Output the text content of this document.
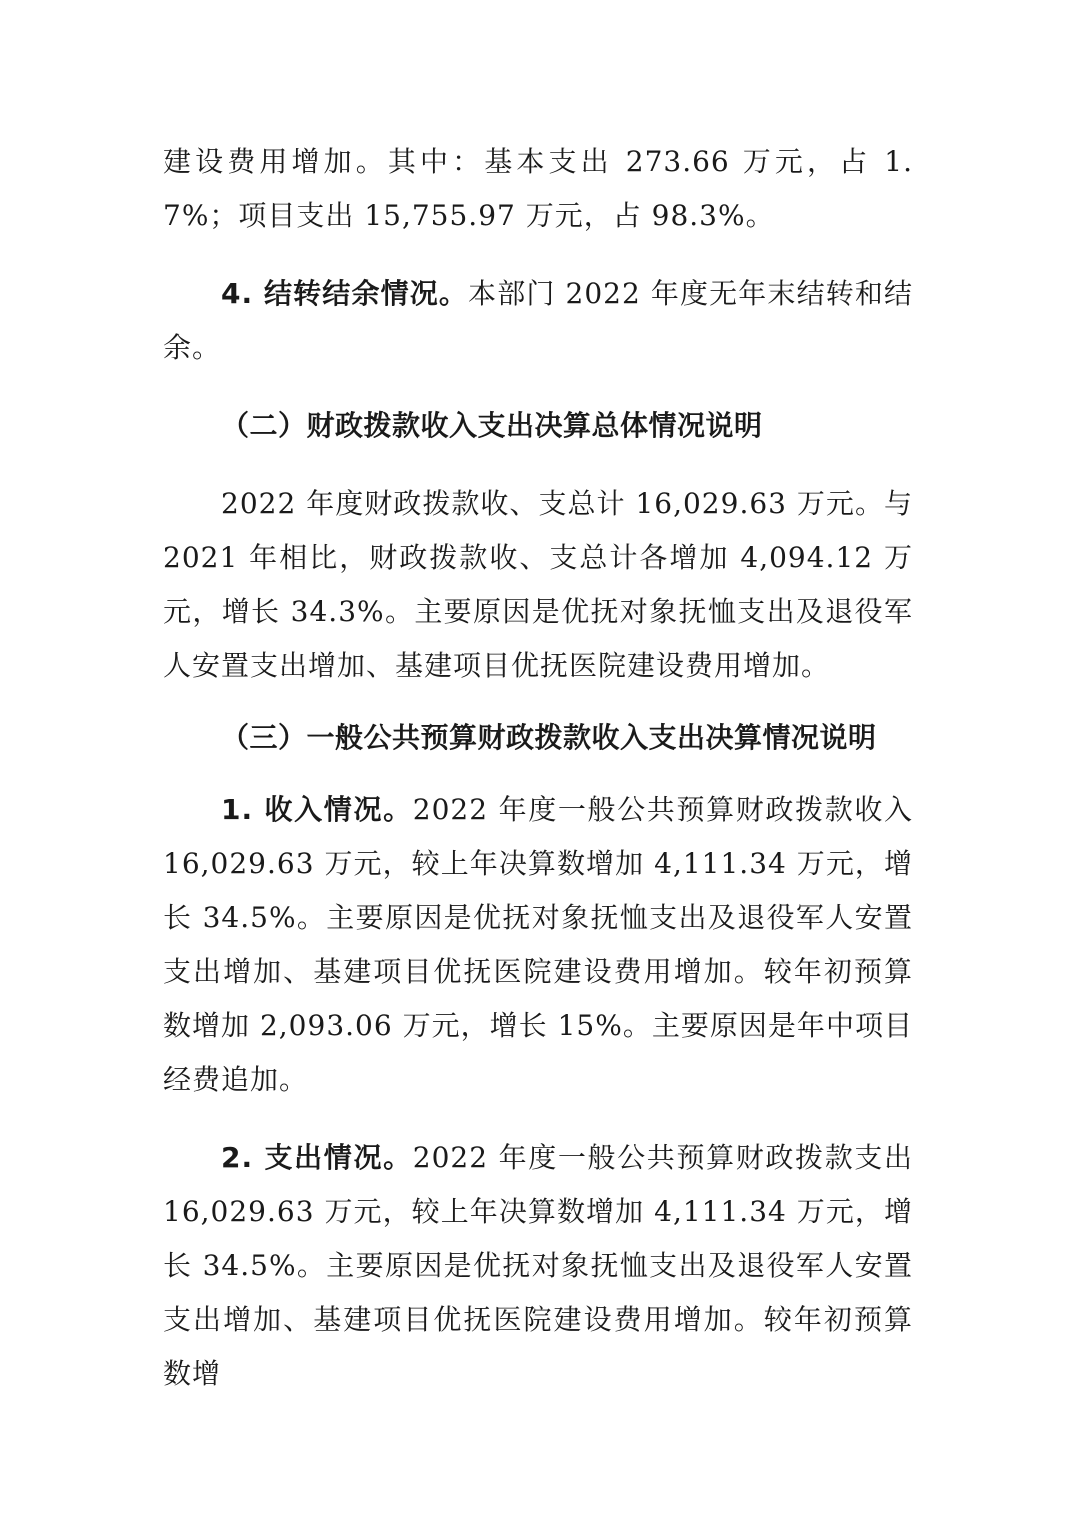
建设费用增加。其中：基本支出 273.66 万元，占 1.7%；项目支出 15,755.97 万元，占 98.3%。

4. 结转结余情况。本部门 2022 年度无年末结转和结余。

（二）财政拨款收入支出决算总体情况说明

2022 年度财政拨款收、支总计 16,029.63 万元。与 2021 年相比，财政拨款收、支总计各增加 4,094.12 万元，增长 34.3%。主要原因是优抚对象抚恤支出及退役军人安置支出增加、基建项目优抚医院建设费用增加。

（三）一般公共预算财政拨款收入支出决算情况说明

1. 收入情况。2022 年度一般公共预算财政拨款收入 16,029.63 万元，较上年决算数增加 4,111.34 万元，增长 34.5%。主要原因是优抚对象抚恤支出及退役军人安置支出增加、基建项目优抚医院建设费用增加。较年初预算数增加 2,093.06 万元，增长 15%。主要原因是年中项目经费追加。

2. 支出情况。2022 年度一般公共预算财政拨款支出 16,029.63 万元，较上年决算数增加 4,111.34 万元，增长 34.5%。主要原因是优抚对象抚恤支出及退役军人安置支出增加、基建项目优抚医院建设费用增加。较年初预算数增
